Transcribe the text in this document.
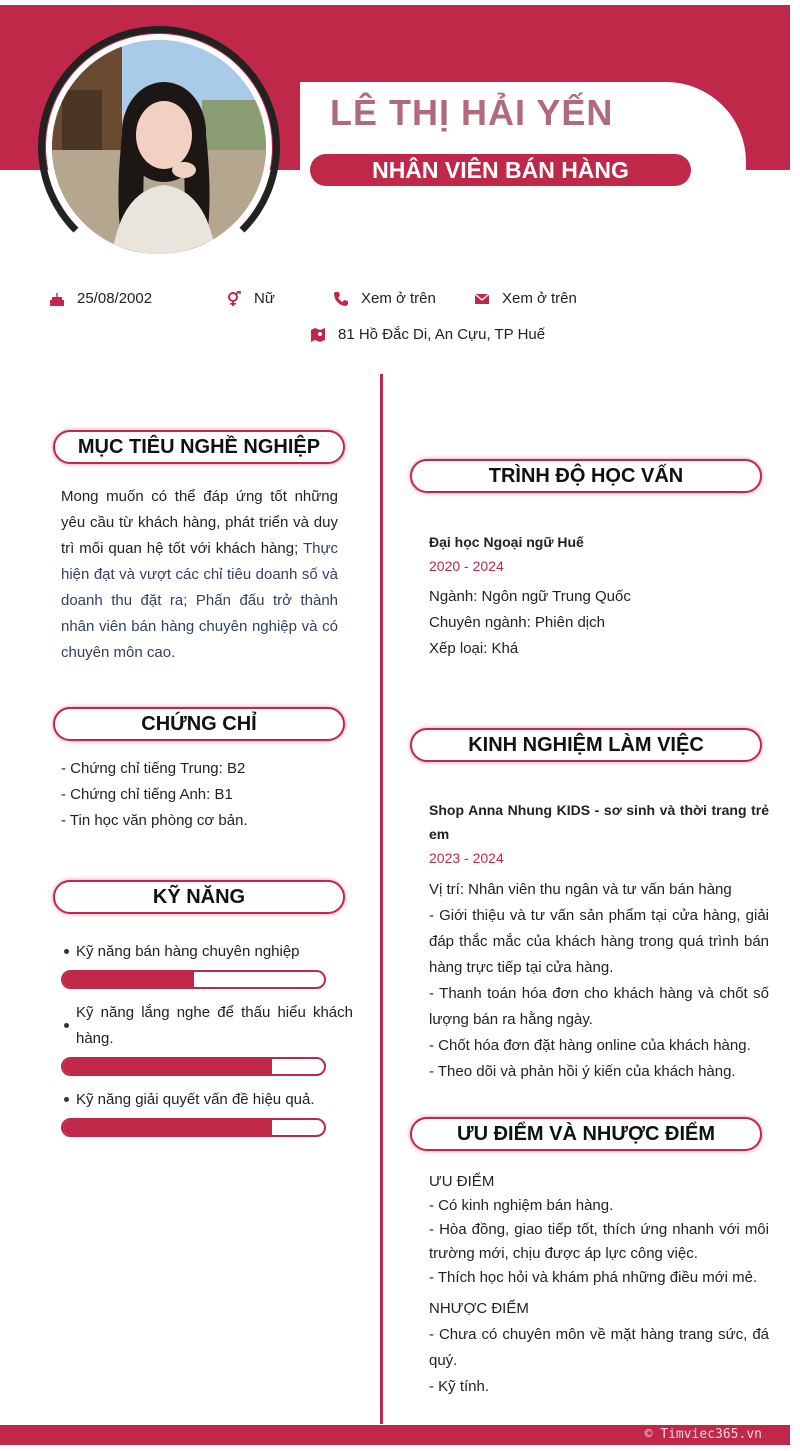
LÊ THỊ HẢI YẾN
NHÂN VIÊN BÁN HÀNG
25/08/2002	Nữ	Xem ở trên	Xem ở trên
81 Hồ Đắc Di, An Cựu, TP Huế
MỤC TIÊU NGHỀ NGHIỆP
Mong muốn có thể đáp ứng tốt những yêu cầu từ khách hàng, phát triển và duy trì mối quan hệ tốt với khách hàng; Thực hiện đạt và vượt các chỉ tiêu doanh số và doanh thu đặt ra; Phấn đấu trở thành nhân viên bán hàng chuyên nghiệp và có chuyên môn cao.
CHỨNG CHỈ
- Chứng chỉ tiếng Trung: B2
- Chứng chỉ tiếng Anh: B1
- Tin học văn phòng cơ bản.
KỸ NĂNG
Kỹ năng bán hàng chuyên nghiệp
Kỹ năng lắng nghe để thấu hiểu khách hàng.
Kỹ năng giải quyết vấn đề hiệu quả.
TRÌNH ĐỘ HỌC VẤN
Đại học Ngoại ngữ Huế
2020 - 2024
Ngành: Ngôn ngữ Trung Quốc
Chuyên ngành: Phiên dịch
Xếp loại: Khá
KINH NGHIỆM LÀM VIỆC
Shop Anna Nhung KIDS - sơ sinh và thời trang trẻ em
2023 - 2024
Vị trí: Nhân viên thu ngân và tư vấn bán hàng
- Giới thiệu và tư vấn sản phẩm tại cửa hàng, giải đáp thắc mắc của khách hàng trong quá trình bán hàng trực tiếp tại cửa hàng.
- Thanh toán hóa đơn cho khách hàng và chốt số lượng bán ra hằng ngày.
- Chốt hóa đơn đặt hàng online của khách hàng.
- Theo dõi và phản hồi ý kiến của khách hàng.
ƯU ĐIỂM VÀ NHƯỢC ĐIỂM
ƯU ĐIỂM
- Có kinh nghiệm bán hàng.
- Hòa đồng, giao tiếp tốt, thích ứng nhanh với môi trường mới, chịu được áp lực công việc.
- Thích học hỏi và khám phá những điều mới mẻ.
NHƯỢC ĐIỂM
- Chưa có chuyên môn về mặt hàng trang sức, đá quý.
- Kỹ tính.
© Timviec365.vn
